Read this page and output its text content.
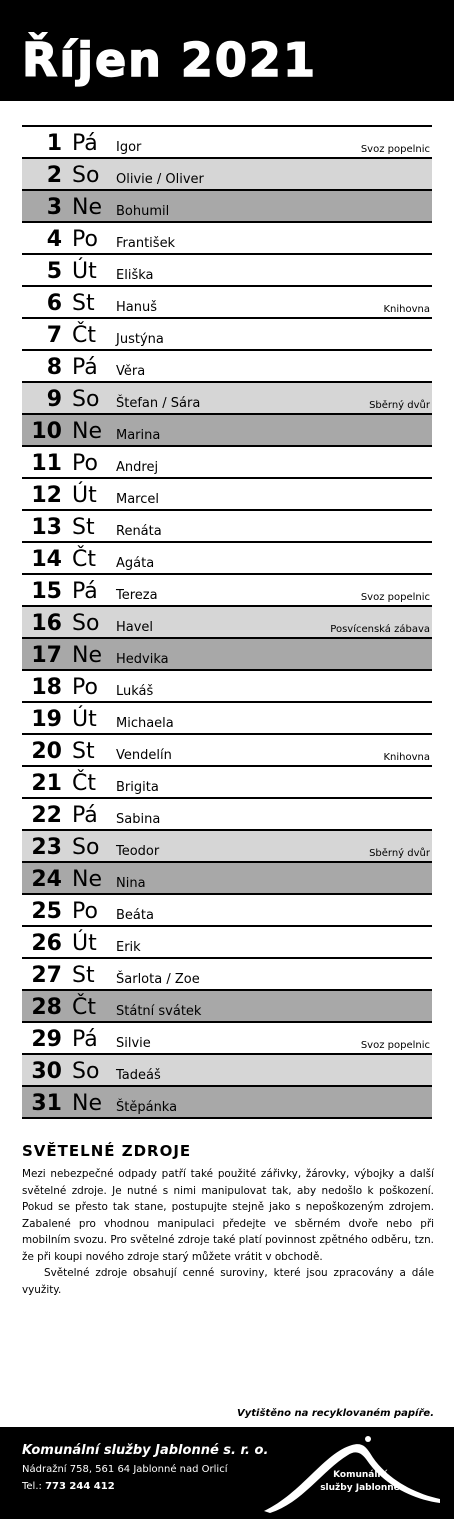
Říjen 2021
1 Pá Igor	Svoz popelnic
2 So Olivie / Oliver
3 Ne Bohumil
4 Po František
5 Út Eliška
6 St Hanuš	Knihovna
7 Čt Justýna
8 Pá Věra
9 So Štefan / Sára	Sběrný dvůr
10 Ne Marina
11 Po Andrej
12 Út Marcel
13 St Renáta
14 Čt Agáta
15 Pá Tereza	Svoz popelnic
16 So Havel	Posvícenská zábava
17 Ne Hedvika
18 Po Lukáš
19 Út Michaela
20 St Vendelín	Knihovna
21 Čt Brigita
22 Pá Sabina
23 So Teodor	Sběrný dvůr
24 Ne Nina
25 Po Beáta
26 Út Erik
27 St Šarlota / Zoe
28 Čt Státní svátek
29 Pá Silvie	Svoz popelnic
30 So Tadeáš
31 Ne Štěpánka
SVĚTELNÉ ZDROJE

Mezi nebezpečné odpady patří také použité zářivky, žárovky, výbojky a další světelné zdroje. Je nutné s nimi manipulovat tak, aby nedošlo k poškození. Pokud se přesto tak stane, postupujte stejně jako s nepoškozeným zdrojem. Zabalené pro vhodnou manipulaci předejte ve sběrném dvoře nebo při mobilním svozu. Pro světelné zdroje také platí povinnost zpětného odběru, tzn. že při koupi nového zdroje starý můžete vrátit v obchodě.

Světelné zdroje obsahují cenné suroviny, které jsou zpracovány a dále využity.

Vytištěno na recyklovaném papíře.
Komunální služby Jablonné s. r. o.
Nádražní 758, 561 64 Jablonné nad Orlicí
Tel.: 773 244 412
Komunální
služby Jablonné
